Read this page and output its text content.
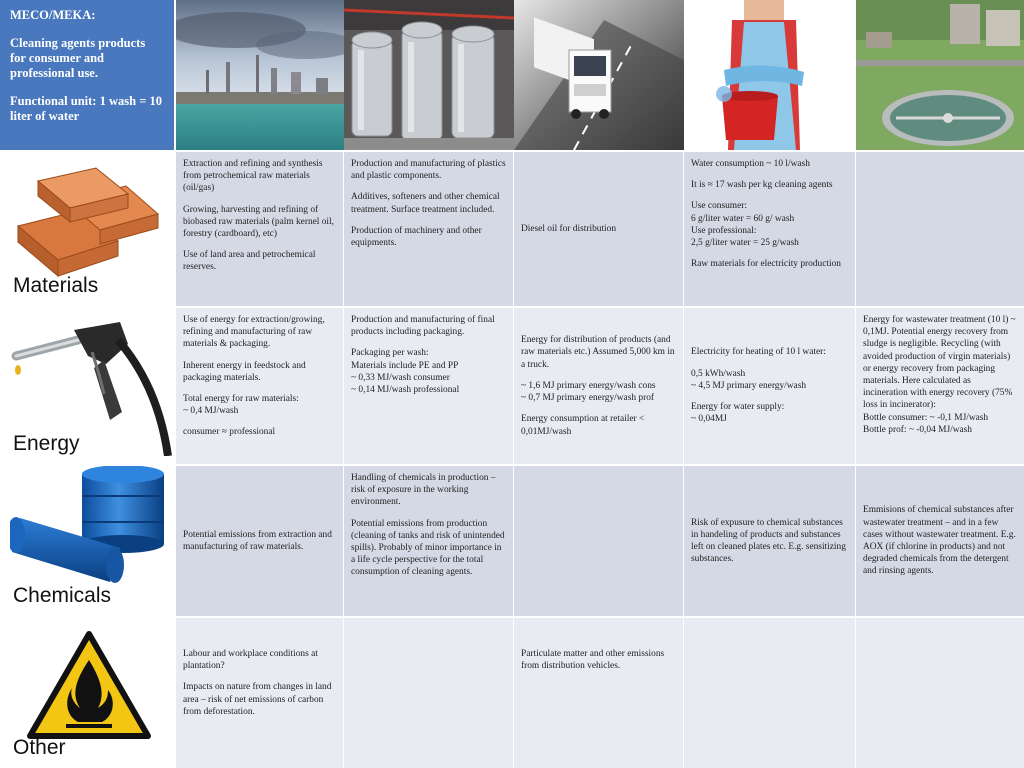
MECO/MEKA:

Cleaning agents products for consumer and professional use.

Functional unit: 1 wash = 10 liter of water

Materials
Energy
Chemicals
Other

Extraction and refining and synthesis from petrochemical raw materials (oil/gas)

Growing, harvesting and refining of biobased raw materials (palm kernel oil, forestry (cardboard), etc)

Use of land area and petrochemical reserves.

Production and manufacturing of plastics and plastic components.

Additives, softeners and other chemical treatment. Surface treatment included.

Production of machinery and other equipments.

Diesel oil for distribution

Water consumption ~ 10 l/wash

It is ≈ 17 wash per kg cleaning agents

Use consumer:
6 g/liter water = 60 g/ wash
Use professional:
2,5 g/liter water = 25 g/wash

Raw materials for electricity production

Use of energy for extraction/growing, refining and manufacturing of raw materials & packaging.

Inherent energy in feedstock and packaging materials.

Total energy for raw materials:
~ 0,4 MJ/wash

consumer ≈ professional

Production and manufacturing of final products including packaging.

Packaging per wash:
Materials include PE and PP
~ 0,33 MJ/wash consumer
~ 0,14 MJ/wash professional

Energy for distribution of products (and raw materials etc.) Assumed 5,000 km in a truck.

~ 1,6 MJ primary energy/wash cons
~ 0,7 MJ primary energy/wash prof

Energy consumption at retailer < 0,01MJ/wash

Electricity for heating of 10 l water:

0,5 kWh/wash
~ 4,5 MJ primary energy/wash

Energy for water supply:
~ 0,04MJ

Energy for wastewater treatment (10 l) ~ 0,1MJ. Potential energy recovery from sludge is negligible. Recycling (with avoided production of virgin materials) or energy recovery from packaging materials. Here calculated as incineration with energy recovery (75% loss in incinerator):
Bottle consumer: ~ -0,1 MJ/wash
Bottle prof: ~ -0,04 MJ/wash

Potential emissions from extraction and manufacturing of raw materials.

Handling of chemicals in production – risk of exposure in the working environment.

Potential emissions from production (cleaning of tanks and risk of unintended spills). Probably of minor importance in a life cycle perspective for the total consumption of cleaning agents.

Risk of expusure to chemical substances in handeling of products and substances left on cleaned plates etc. E.g. sensitizing substances.

Emmisions of chemical substances after wastewater treatment – and in a few cases without wastewater treatment. E.g. AOX (if chlorine in products) and not degraded chemicals from the detergent and rinsing agents.

Labour and workplace conditions at plantation?

Impacts on nature from changes in land area – risk of net emissions of carbon from deforestation.

Particulate matter and other emissions from distribution vehicles.
